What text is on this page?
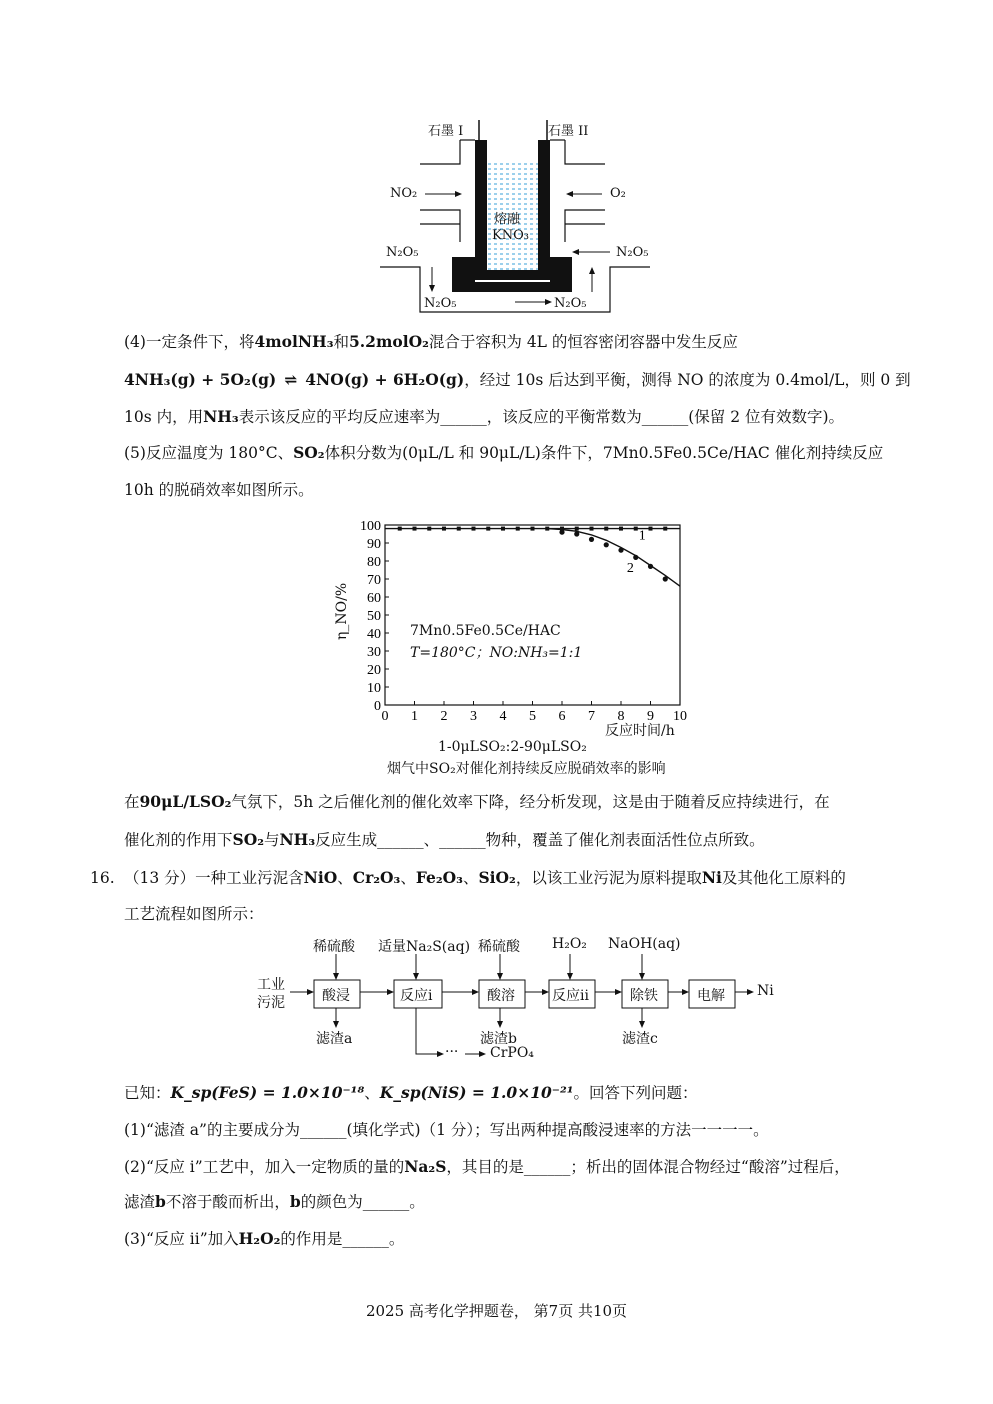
石墨 I	石墨 II
NO₂	O₂
熔融
KNO₃
N₂O₅	N₂O₅
N₂O₅	N₂O₅
(4)一定条件下，将4molNH₃和5.2molO₂混合于容积为 4L 的恒容密闭容器中发生反应
4NH₃(g) + 5O₂(g) ⇌ 4NO(g) + 6H₂O(g)，经过 10s 后达到平衡，测得 NO 的浓度为 0.4mol/L，则 0 到
10s 内，用NH₃表示该反应的平均反应速率为______，该反应的平衡常数为______(保留 2 位有效数字)。
(5)反应温度为 180°C、SO₂体积分数为(0μL/L 和 90μL/L)条件下，7Mn0.5Fe0.5Ce/HAC 催化剂持续反应
10h 的脱硝效率如图所示。
0 1 2 3 4 5 6 7 8 9 10
0
10
20
30
40
50
60
70
80
90
100
1
2
η_NO/%
反应时间/h
7Mn0.5Fe0.5Ce/HAC
T=180°C；NO:NH₃=1:1
1-0μLSO₂:2-90μLSO₂
烟气中SO₂对催化剂持续反应脱硝效率的影响
在90μL/LSO₂气氛下，5h 之后催化剂的催化效率下降，经分析发现，这是由于随着反应持续进行，在
催化剂的作用下SO₂与NH₃反应生成______、______物种，覆盖了催化剂表面活性位点所致。
16. （13 分）一种工业污泥含NiO、Cr₂O₃、Fe₂O₃、SiO₂，以该工业污泥为原料提取Ni及其他化工原料的
工艺流程如图所示：
稀硫酸 适量Na₂S(aq) 稀硫酸 H₂O₂ NaOH(aq)
工业
污泥	酸浸	反应i	酸溶	反应ii	除铁	电解 Ni
滤渣a	滤渣b	滤渣c
··· CrPO₄
已知：K_sp(FeS) = 1.0×10⁻¹⁸、K_sp(NiS) = 1.0×10⁻²¹。回答下列问题：
(1)“滤渣 a”的主要成分为______(填化学式)（1 分）；写出两种提高酸浸速率的方法一一一一。
(2)“反应 i”工艺中，加入一定物质的量的Na₂S，其目的是______；析出的固体混合物经过“酸溶”过程后，
滤渣b不溶于酸而析出，b的颜色为______。
(3)“反应 ii”加入H₂O₂的作用是______。
2025 高考化学押题卷， 第7页 共10页
